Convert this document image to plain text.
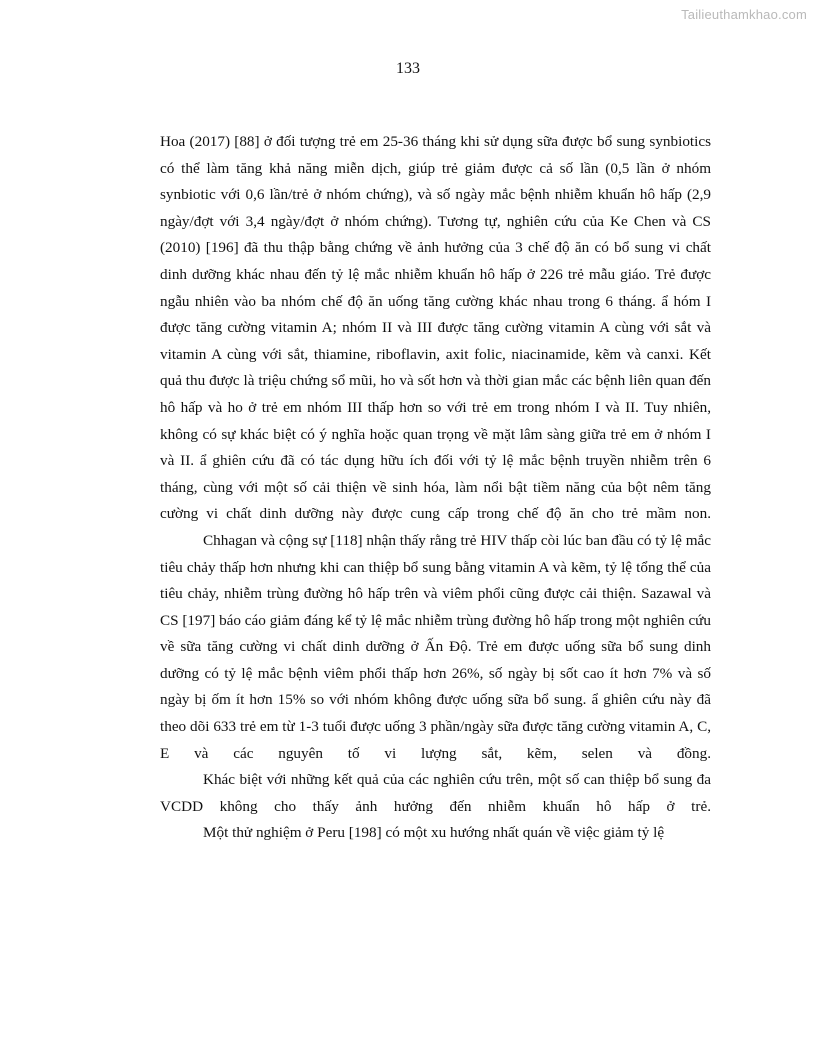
Tailieuthamkhao.com
133

Hoa (2017) [88] ở đối tượng trẻ em 25-36 tháng khi sử dụng sữa được bổ sung synbiotics có thể làm tăng khả năng miễn dịch, giúp trẻ giảm được cả số lần (0,5 lần ở nhóm synbiotic với 0,6 lần/trẻ ở nhóm chứng), và số ngày mắc bệnh nhiễm khuẩn hô hấp (2,9 ngày/đợt với 3,4 ngày/đợt ở nhóm chứng). Tương tự, nghiên cứu của Ke Chen và CS (2010) [196] đã thu thập bằng chứng về ảnh hưởng của 3 chế độ ăn có bổ sung vi chất dinh dưỡng khác nhau đến tỷ lệ mắc nhiễm khuẩn hô hấp ở 226 trẻ mẫu giáo. Trẻ được ngẫu nhiên vào ba nhóm chế độ ăn uống tăng cường khác nhau trong 6 tháng. ẩ hóm I được tăng cường vitamin A; nhóm II và III được tăng cường vitamin A cùng với sắt và vitamin A cùng với sắt, thiamine, riboflavin, axit folic, niacinamide, kẽm và canxi. Kết quả thu được là triệu chứng sổ mũi, ho và sốt hơn và thời gian mắc các bệnh liên quan đến hô hấp và ho ở trẻ em nhóm III thấp hơn so với trẻ em trong nhóm I và II. Tuy nhiên, không có sự khác biệt có ý nghĩa hoặc quan trọng về mặt lâm sàng giữa trẻ em ở nhóm I và II. ẩ ghiên cứu đã có tác dụng hữu ích đối với tỷ lệ mắc bệnh truyền nhiễm trên 6 tháng, cùng với một số cải thiện về sinh hóa, làm nổi bật tiềm năng của bột nêm tăng cường vi chất dinh dưỡng này được cung cấp trong chế độ ăn cho trẻ mầm non.

Chhagan và cộng sự [118] nhận thấy rằng trẻ HIV thấp còi lúc ban đầu có tỷ lệ mắc tiêu chảy thấp hơn nhưng khi can thiệp bổ sung bằng vitamin A và kẽm, tỷ lệ tổng thể của tiêu chảy, nhiễm trùng đường hô hấp trên và viêm phổi cũng được cải thiện. Sazawal và CS [197] báo cáo giảm đáng kể tỷ lệ mắc nhiễm trùng đường hô hấp trong một nghiên cứu về sữa tăng cường vi chất dinh dưỡng ở Ấn Độ. Trẻ em được uống sữa bổ sung dinh dưỡng có tỷ lệ mắc bệnh viêm phổi thấp hơn 26%, số ngày bị sốt cao ít hơn 7% và số ngày bị ốm ít hơn 15% so với nhóm không được uống sữa bổ sung. ẩ ghiên cứu này đã theo dõi 633 trẻ em từ 1-3 tuổi được uống 3 phần/ngày sữa được tăng cường vitamin A, C, E và các nguyên tố vi lượng sắt, kẽm, selen và đồng.

Khác biệt với những kết quả của các nghiên cứu trên, một số can thiệp bổ sung đa VCDD không cho thấy ảnh hưởng đến nhiễm khuẩn hô hấp ở trẻ.

Một thử nghiệm ở Peru [198] có một xu hướng nhất quán về việc giảm tỷ lệ
